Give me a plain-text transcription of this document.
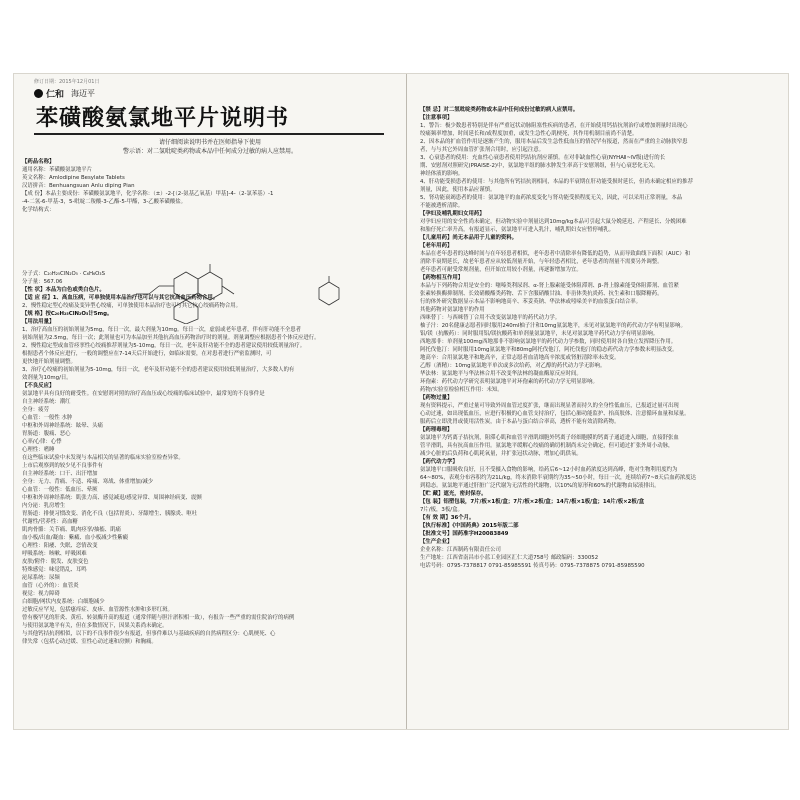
修订日期：2015年12月01日
仁和 海迈平
苯磺酸氨氯地平片说明书
请仔细阅读说明书并在医师指导下使用
警示语：对二氢吡啶类药物或本品中任何成分过敏的病人应禁用。
【药品名称】
通用名称：苯磺酸氨氯地平片
英文名称：Amlodipine Besylate Tablets
汉语拼音：Benhuangsuan Anlu diping Pian
【成 份】本品主要成份：苯磺酸氨氯地平，化学名称：（±）-2-[（2-氨基乙氧基）甲基]-4-（2-氯苯基）-1
-4-二氢-6-甲基-3，5-吡啶二羧酸-3-乙酯-5-甲酯，3-乙酸苯磺酸盐。
化学结构式：
分子式：C₂₀H₂₅ClN₂O₅ · C₆H₆O₃S
分子量：567.06
【性 状】本品为白色或类白色片。
【适 应 症】1、高血压病，可单独使用本品治疗也可以与其它抗高血压药物合用。
2、慢性稳定型心绞痛及变异型心绞痛，可单独使用本品治疗也可与其它抗心绞痛药物合用。
【规 格】按C₂₀H₂₅ClN₂O₅计5mg。
【用法用量】
1、治疗高血压的初始剂量为5mg，每日一次，最大剂量为10mg。每日一次，虚弱或老年患者，伴有肝功能不全患者
初始剂量为2.5mg，每日一次；此剂量也可为本品加至其他抗高血压药物治疗时的剂量。剂量调整应根据患者个体反应进行。
2、慢性稳定型或血管痉挛性心绞痛推荐剂量为5-10mg，每日一次，老年及肝功能不全的患者建议使用较低剂量治疗。
根据患者个体反应进行，一般的调整应在7-14天后开始进行，如临床需要，在对患者进行严密监测时，可
更快地开始剂量调整。
3、治疗心绞痛的初始剂量为5-10mg，每日一次，老年及肝功能不全的患者建议使用较低剂量治疗，大多数人的有
效剂量为10mg/日。
【不良反应】
氨氯地平具有良好的耐受性。在安慰剂对照的治疗高血压或心绞痛的临床试验中，最常见的不良事件是
自主神经系统：潮红
全身：疲劳
心血管：一般性 水肿
中枢和外周神经系统：眩晕、头痛
胃肠道：腹痛、恶心
心率/心律：心悸
心理性：嗜睡
在这些临床试验中未发现与本品相关的显著的临床实验室检查异常。
上市后观察到的较少见不良事件有
自主神经系统：口干、出汗增加
全身：无力、背痛、不适、疼痛、寒战、体重增加/减少
心血管：一般性：低血压、晕厥
中枢和外周神经系统：肌张力高、感觉减退/感觉异常、周围神经病变、震颤
内分泌：乳房增生
胃肠道：排便习惯改变、消化不良（包括胃炎）、牙龈增生、胰腺炎、呕吐
代谢性/营养性：高血糖
肌肉骨骼：关节痛、肌肉痉挛/抽搐、肌痛
血小板/出血/凝血：紫癜、血小板减少性紫癜
心理性：阳痿、失眠、恋情改变
呼吸系统：咳嗽、呼吸困难
皮肤/附件：脱发、皮肤变色
特殊感觉：味觉错乱、耳鸣
泌尿系统：尿频
血管（心外的）：血管炎
视觉：视力障碍
白细胞/网状内皮系统：白细胞减少
过敏反应罕见，包括瘙痒症、皮疹、血管源性水肿和多形红斑。
曾有极罕见的肝炎、黄疸、转氨酶升高的报道（通常伴随与胆汁淤积相一致），有报告一些严重的需住院治疗的病例
与使用氨氯地平有关，但在多数情况下，因果关系尚未确定。
与其他钙拮抗剂相似，以下的不良事件很少有报道，但事件难以与基础疾病的自然病程区分：心肌梗死、心
律失常（包括心动过缓、室性心动过速和房颤）和胸痛。
【禁 忌】对二氢吡啶类药物或本品中任何成份过敏的病人应禁用。
【注意事项】
1、警告：极少数患者特别是伴有严重冠状动脉阻塞性疾病的患者，在开始使用钙拮抗剂治疗或增加剂量时出现心
绞痛频率增加，时间延长和/或程度加重，或发生急性心肌梗死，其作用机制目前尚不清楚。
2、因本品的扩血管作用是逐渐产生的，服用本品后发生急性低血压的情况罕有报道，然而在严重的主动脉狭窄患
者，与与其它外周血管扩张剂合用时，应引起注意。
3、心衰患者的使用：充血性心衰患者使用钙拮抗剂应谨慎。在对非缺血性心衰(NYHAⅡ~Ⅳ级)进行的长
期、安慰剂对照研究(PRAISE-2)中，氨氯地平组的肺水肿发生率高于安慰剂组，但与心衰恶化无关。
神经体液的影响。
4、肝功能受损患者的使用：与其他所有钙拮抗剂相同，本品的半衰期在肝功能受损时延长，但尚未确定相应的推荐
剂量，因此，使用本品应谨慎。
5、肾功能衰竭患者的使用：氨氯地平的血药浓度变化与肾功能受损程度无关，因此，可以采用正常剂量，本品
不能被透析清除。
【孕妇及哺乳期妇女用药】
对孕妇应用的安全性尚未确定，但动物实验中剂量达到10mg/kg本品可引起大鼠分娩延迟、产程延长、分娩困难
和胎仔死亡率升高，有报道显示，氨氯地平可进入乳汁，哺乳期妇女应暂停哺乳。
【儿童用药】尚无本品用于儿童的资料。
【老年用药】
本品在老年患者的达峰时间与在年轻患者相似，老年患者中清除率有降低的趋势，从而导致曲线下面积（AUC）和
消除半衰期延长，故老年患者应从较低剂量开始，与年轻患者相比，老年患者的剂量不需要另外调整。
老年患者可耐受常规剂量，但开始宜用较小剂量，再逐渐增加为宜。
【药物相互作用】
本品与下列药物合用是安全的：噻嗪类利尿剂、α-肾上腺素能受体阻滞剂、β-肾上腺素能受体阻滞剂、血管紧
张素转换酶抑制剂、长效硝酸酯类药物、舌下含服硝酸甘油、非甾体类抗炎药、抗生素和口服降糖药。
行的体外研究数据显示本品不影响地高辛、苯妥英钠、华法林或吲哚美辛的血浆蛋白结合率。
其他药物对氨氯地平的作用
西咪替丁：与西咪替丁合用不改变氨氯地平的药代动力学。
柚子汁：20名健康志愿者同时服用240ml柚子汁和10mg氨氯地平，未见对氨氯地平的药代动力学有明显影响。
铝/镁（抗酸药）：同时服用铝/镁抗酸药和单剂量氨氯地平，未见对氨氯地平药代动力学有明显影响。
西地那非：单剂量100mg西地那非不影响氨氯地平的药代动力学参数，同时使用时各自独立发挥降压作用。
阿托伐他汀：同时服用10mg氨氯地平和80mg阿托伐他汀，阿托伐他汀的稳态药代动力学参数未明显改变。
地高辛：合用氨氯地平和地高辛，正常志愿者血清地高辛浓度或肾脏清除率未改变。
乙醇（酒精）：10mg氨氯地平单次或多次给药，对乙醇的药代动力学无影响。
华法林：氨氯地平与华法林合用不改变华法林的凝血酶原反应时间。
环孢素：药代动力学研究表明氨氯地平对环孢素的药代动力学无明显影响。
药物/实验室检验相互作用：未知。
【药物过量】
现有资料提示，严重过量可导致外周血管过度扩张，继而出现显著而持久的全身性低血压，已报道过量可出现
心动过速，如出现低血压，应进行积极的心血管支持治疗，包括心肺功能监护、抬高肢体、注意循环血量和尿量。
服药后立即洗胃或使用活性炭，由于本品与蛋白结合率高，透析不能有效清除药物。
【药理毒理】
氨氯地平为钙离子拮抗剂，阻滞心肌和血管平滑肌细胞外钙离子经细胞膜的钙离子通道进入细胞，直接舒张血
管平滑肌，具有抗高血压作用。氨氯地平缓解心绞痛的确切机制尚未完全确定，但可通过扩张外周小动脉，
减少心脏的后负荷和心肌耗氧量，并扩张冠状动脉，增加心肌供氧。
【药代动力学】
氨氯地平口服吸收良好，且不受摄入食物的影响，给药后6~12小时血药浓度达到高峰，绝对生物利用度约为
64~80%，表观分布容积约为21L/kg，终末消除半衰期约为35~50小时，每日一次，连续给药7~8天后血药浓度达
到稳态。氨氯地平通过肝脏广泛代谢为无活性的代谢物，以10%的原形和60%的代谢物由尿液排出。
【贮 藏】遮光，密封保存。
【包 装】铝塑包装，7片/板×1板/盒；7片/板×2板/盒；14片/板×1板/盒；14片/板×2板/盒
7片/板，3板/盒。
【有 效 期】36个月。
【执行标准】《中国药典》2015年版二部
【批准文号】国药准字H20083849
【生产企业】
企业名称：江西制药有限责任公司
生产地址：江西省南昌市小蓝工业园区汇仁大道758号 邮政编码：330052
电话号码：0795-7378817 0791-85985591 传真号码：0795-7378875 0791-85985590
